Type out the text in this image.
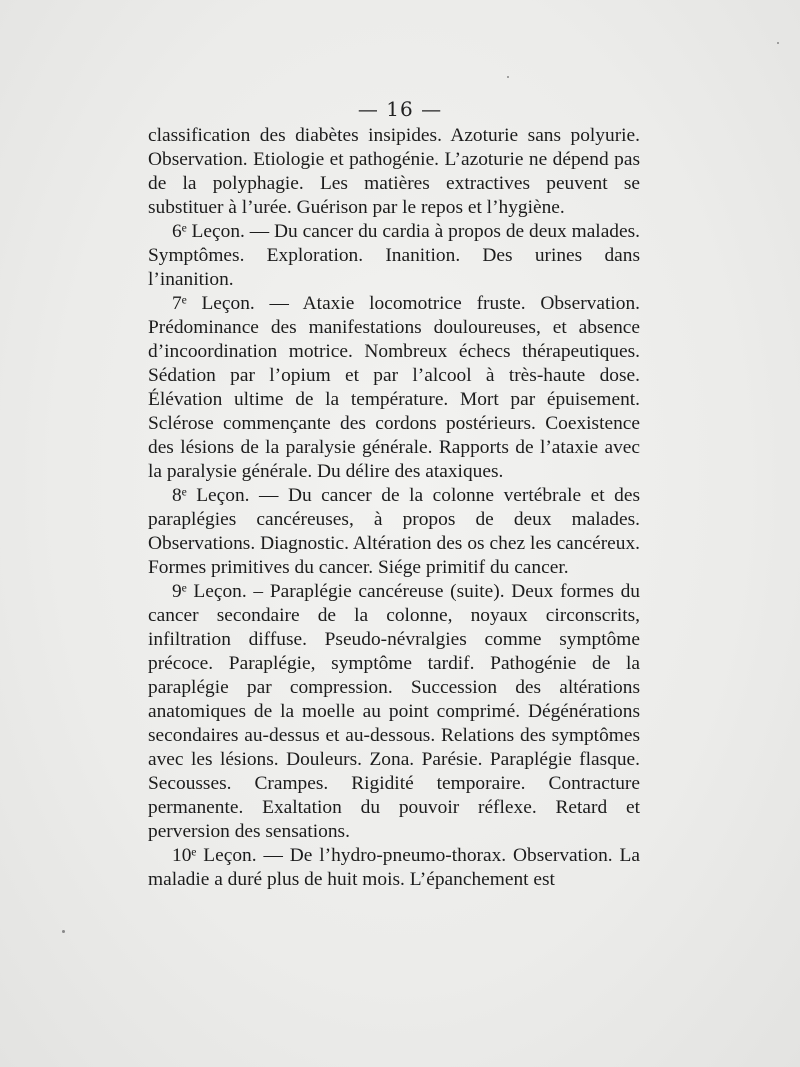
— 16 —

classification des diabètes insipides. Azoturie sans polyurie. Observation. Etiologie et pathogénie. L’azoturie ne dépend pas de la polyphagie. Les matières extractives peuvent se substituer à l’urée. Guérison par le repos et l’hygiène.

6ᵉ Leçon. — Du cancer du cardia à propos de deux malades. Symptômes. Exploration. Inanition. Des urines dans l’inanition.

7ᵉ Leçon. — Ataxie locomotrice fruste. Observation. Prédominance des manifestations douloureuses, et absence d’incoordination motrice. Nombreux échecs thérapeutiques. Sédation par l’opium et par l’alcool à très-haute dose. Élévation ultime de la température. Mort par épuisement. Sclérose commençante des cordons postérieurs. Coexistence des lésions de la paralysie générale. Rapports de l’ataxie avec la paralysie générale. Du délire des ataxiques.

8ᵉ Leçon. — Du cancer de la colonne vertébrale et des paraplégies cancéreuses, à propos de deux malades. Observations. Diagnostic. Altération des os chez les cancéreux. Formes primitives du cancer. Siége primitif du cancer.

9ᵉ Leçon. – Paraplégie cancéreuse (suite). Deux formes du cancer secondaire de la colonne, noyaux circonscrits, infiltration diffuse. Pseudo-névralgies comme symptôme précoce. Paraplégie, symptôme tardif. Pathogénie de la paraplégie par compression. Succession des altérations anatomiques de la moelle au point comprimé. Dégénérations secondaires au-dessus et au-dessous. Relations des symptômes avec les lésions. Douleurs. Zona. Parésie. Paraplégie flasque. Secousses. Crampes. Rigidité temporaire. Contracture permanente. Exaltation du pouvoir réflexe. Retard et perversion des sensations.

10ᵉ Leçon. — De l’hydro-pneumo-thorax. Observation. La maladie a duré plus de huit mois. L’épanchement est
